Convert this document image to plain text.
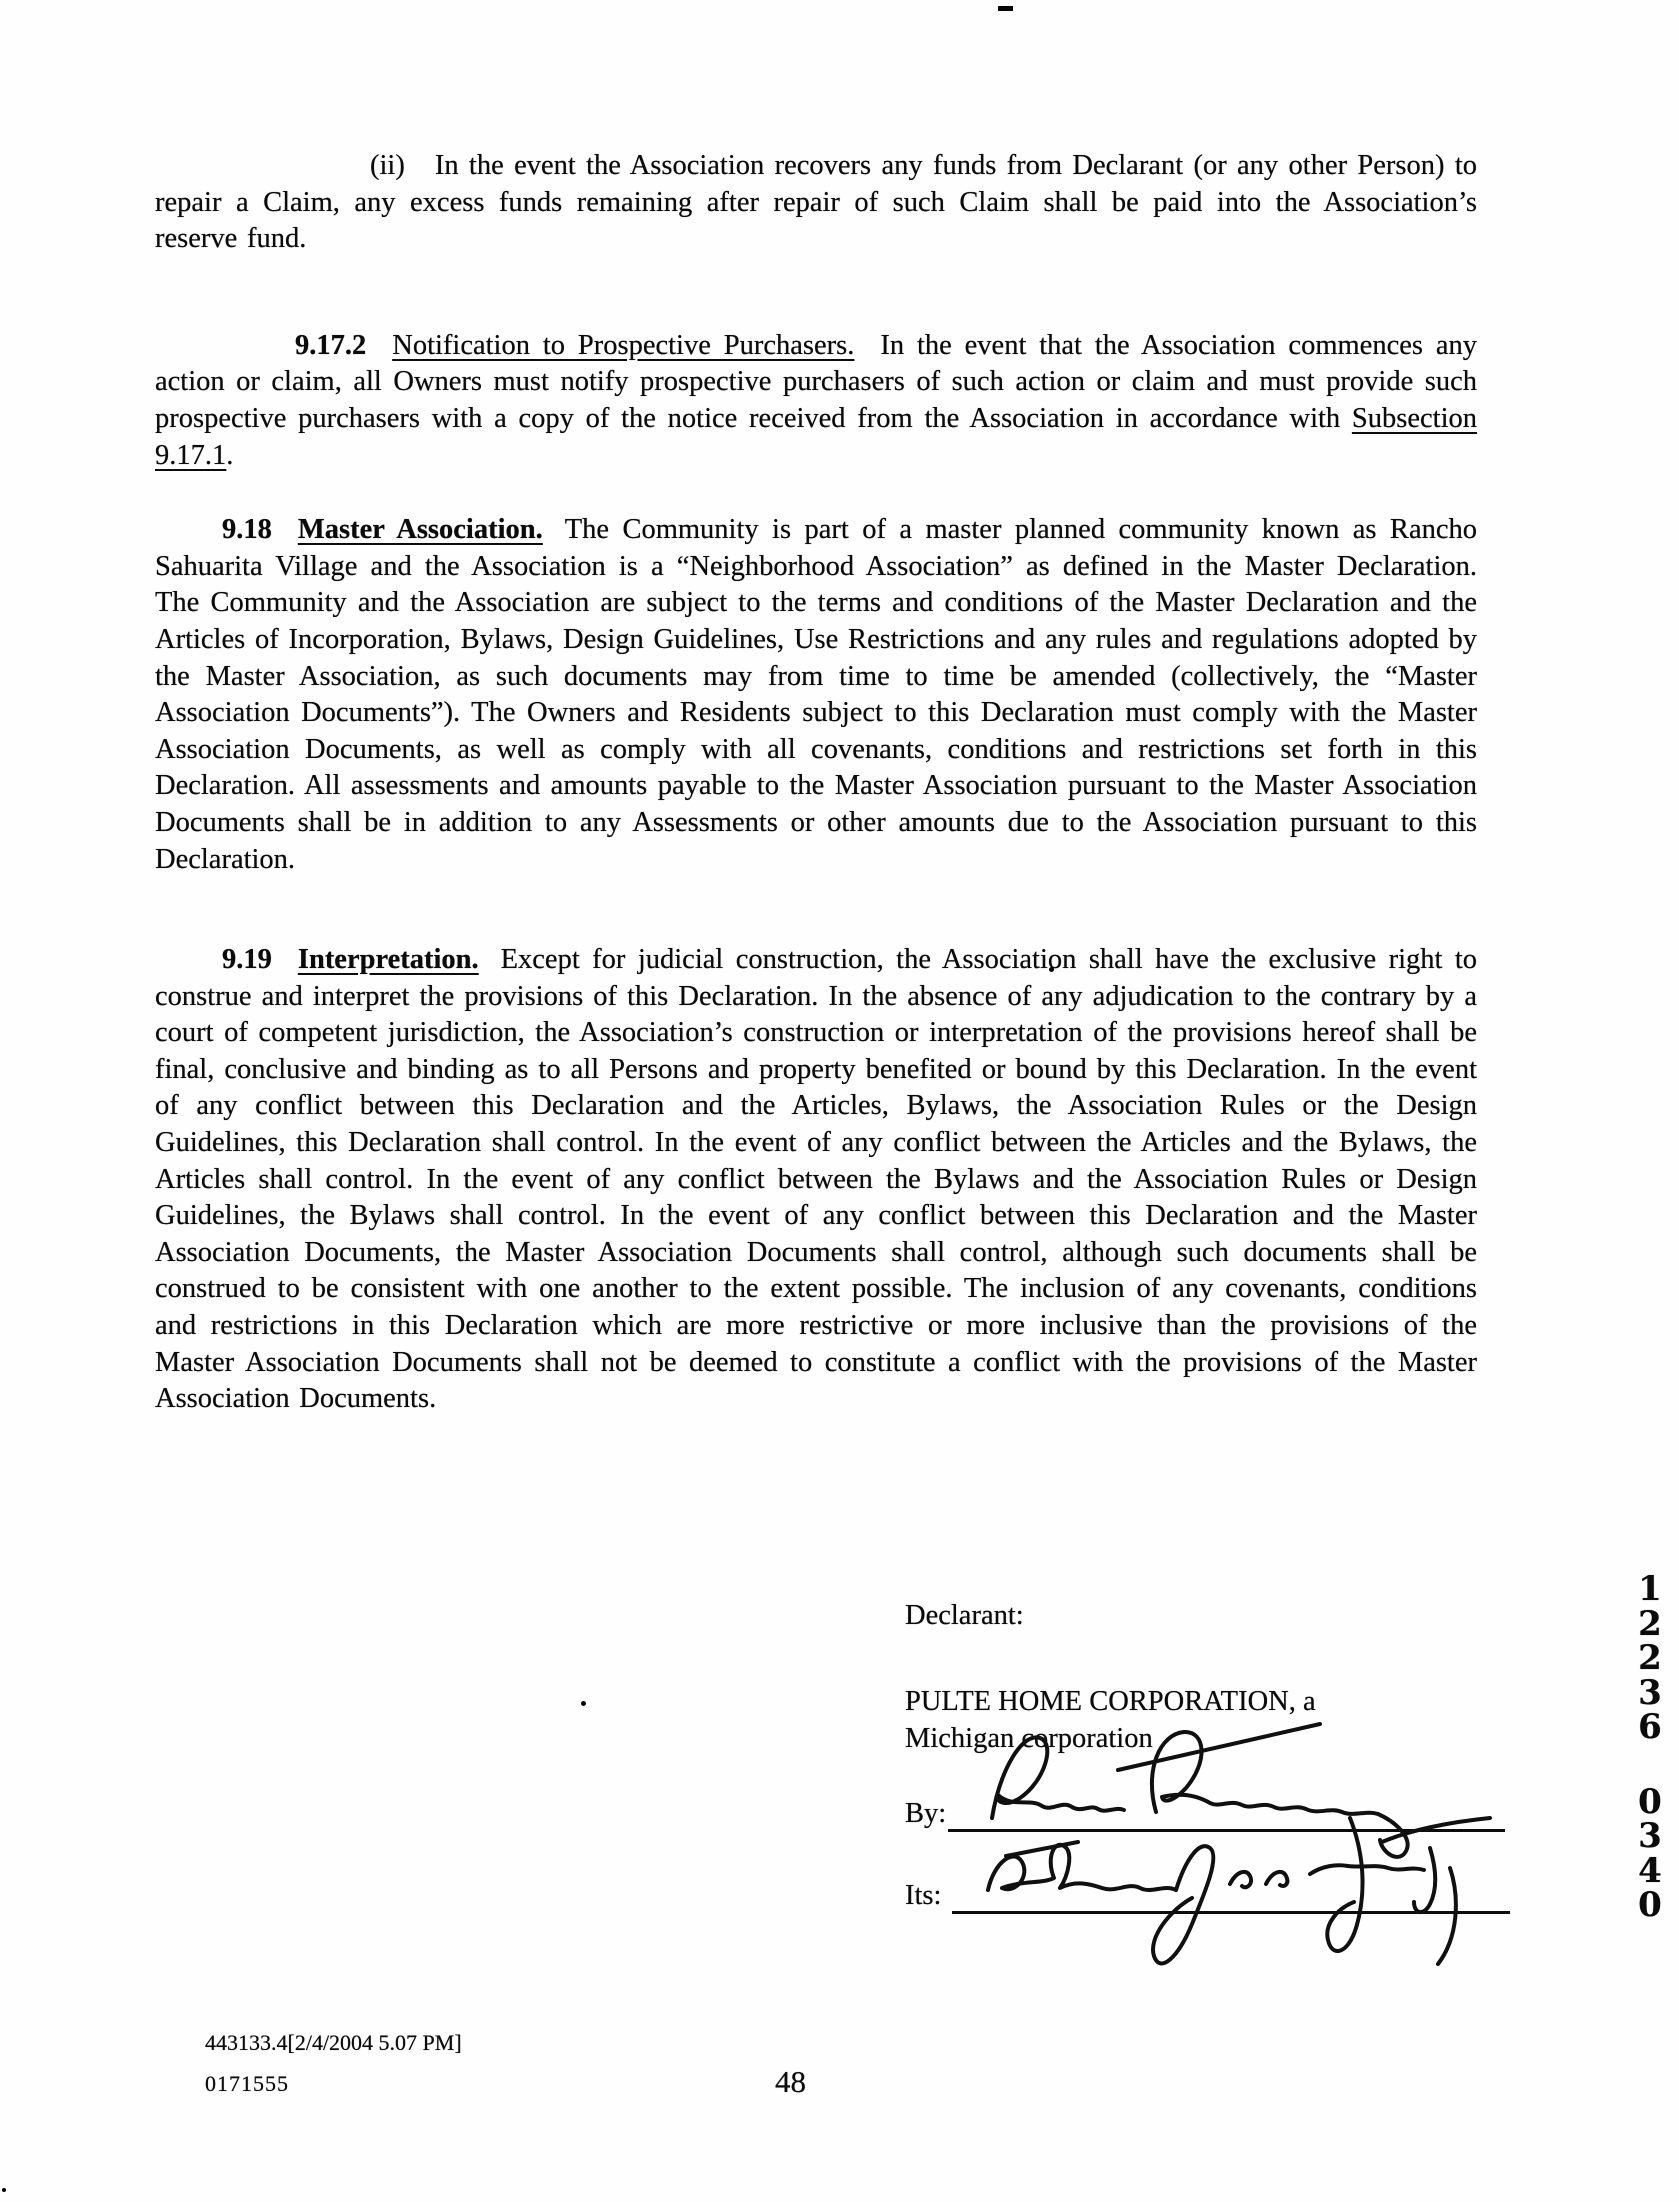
(ii) In the event the Association recovers any funds from Declarant (or any other Person) to repair a Claim, any excess funds remaining after repair of such Claim shall be paid into the Association’s reserve fund.

9.17.2 Notification to Prospective Purchasers. In the event that the Association commences any action or claim, all Owners must notify prospective purchasers of such action or claim and must provide such prospective purchasers with a copy of the notice received from the Association in accordance with Subsection 9.17.1.

9.18 Master Association. The Community is part of a master planned community known as Rancho Sahuarita Village and the Association is a “Neighborhood Association” as defined in the Master Declaration. The Community and the Association are subject to the terms and conditions of the Master Declaration and the Articles of Incorporation, Bylaws, Design Guidelines, Use Restrictions and any rules and regulations adopted by the Master Association, as such documents may from time to time be amended (collectively, the “Master Association Documents”). The Owners and Residents subject to this Declaration must comply with the Master Association Documents, as well as comply with all covenants, conditions and restrictions set forth in this Declaration. All assessments and amounts payable to the Master Association pursuant to the Master Association Documents shall be in addition to any Assessments or other amounts due to the Association pursuant to this Declaration.

9.19 Interpretation. Except for judicial construction, the Association shall have the exclusive right to construe and interpret the provisions of this Declaration. In the absence of any adjudication to the contrary by a court of competent jurisdiction, the Association’s construction or interpretation of the provisions hereof shall be final, conclusive and binding as to all Persons and property benefited or bound by this Declaration. In the event of any conflict between this Declaration and the Articles, Bylaws, the Association Rules or the Design Guidelines, this Declaration shall control. In the event of any conflict between the Articles and the Bylaws, the Articles shall control. In the event of any conflict between the Bylaws and the Association Rules or Design Guidelines, the Bylaws shall control. In the event of any conflict between this Declaration and the Master Association Documents, the Master Association Documents shall control, although such documents shall be construed to be consistent with one another to the extent possible. The inclusion of any covenants, conditions and restrictions in this Declaration which are more restrictive or more inclusive than the provisions of the Master Association Documents shall not be deemed to constitute a conflict with the provisions of the Master Association Documents.

Declarant:
PULTE HOME CORPORATION, a
Michigan corporation
By:
Its:
1
2
2
3
6
0
3
4
0
443133.4[2/4/2004 5.07 PM]
0171555	48
